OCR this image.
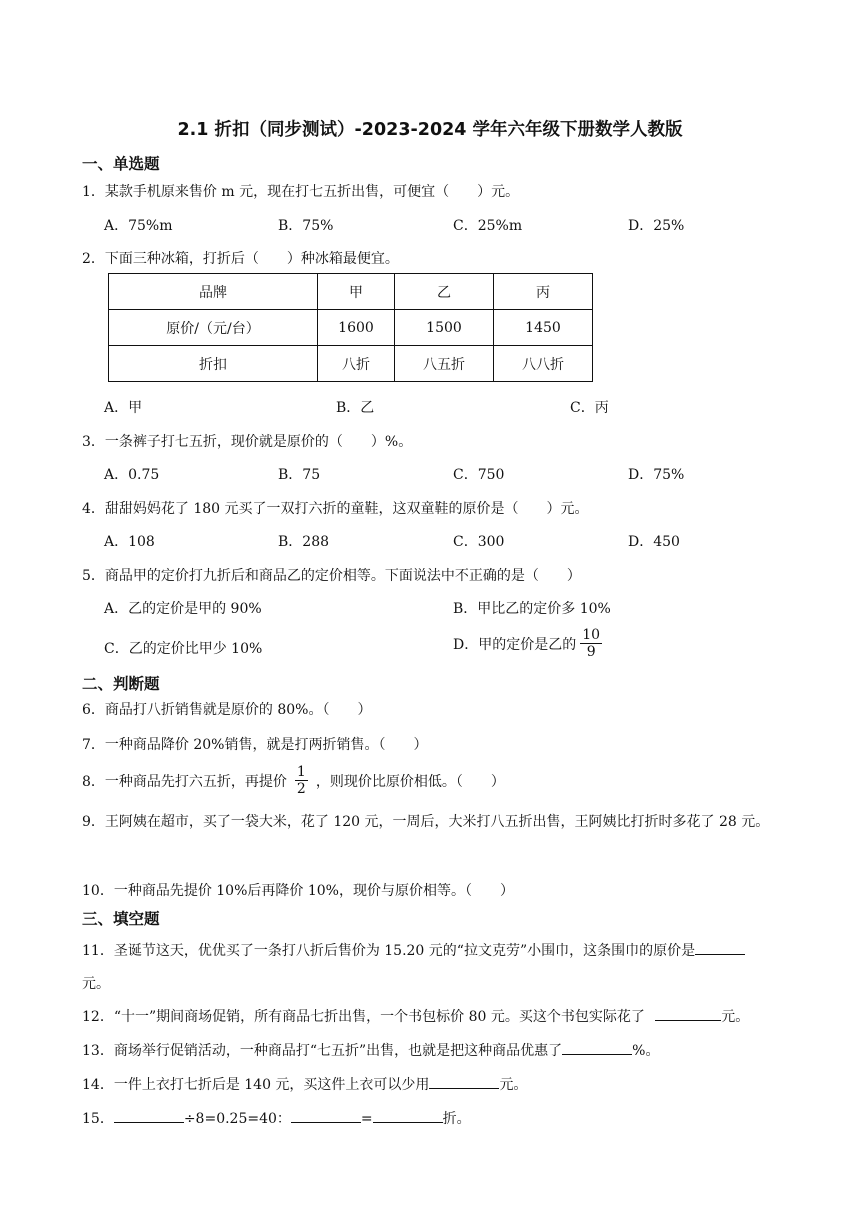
2.1 折扣（同步测试）-2023-2024 学年六年级下册数学人教版
一、单选题
1．某款手机原来售价 m 元，现在打七五折出售，可便宜（　　）元。
A．75%m	B．75%	C．25%m	D．25%
2．下面三种冰箱，打折后（　　）种冰箱最便宜。
品牌	甲	乙	丙
原价/（元/台）	1600	1500	1450
折扣	八折	八五折	八八折
A．甲	B．乙	C．丙
3．一条裤子打七五折，现价就是原价的（　　）%。
A．0.75	B．75	C．750	D．75%
4．甜甜妈妈花了 180 元买了一双打六折的童鞋，这双童鞋的原价是（　　）元。
A．108	B．288	C．300	D．450
5．商品甲的定价打九折后和商品乙的定价相等。下面说法中不正确的是（　　）
A．乙的定价是甲的 90%	B．甲比乙的定价多 10%
C．乙的定价比甲少 10%	D．甲的定价是乙的 $\frac{10}{9}$
二、判断题
6．商品打八折销售就是原价的 80%。（　　）
7．一种商品降价 20%销售，就是打两折销售。（　　）
8．一种商品先打六五折，再提价 $\frac{1}{2}$ ，则现价比原价相低。（　　）
9．王阿姨在超市，买了一袋大米，花了 120 元，一周后，大米打八五折出售，王阿姨比打折时多花了 28 元。
10．一种商品先提价 10%后再降价 10%，现价与原价相等。（　　）
三、填空题
11．圣诞节这天，优优买了一条打八折后售价为 15.20 元的“拉文克劳”小围巾，这条围巾的原价是
元。
12．“十一”期间商场促销，所有商品七折出售，一个书包标价 80 元。买这个书包实际花了	元。
13．商场举行促销活动，一种商品打“七五折”出售，也就是把这种商品优惠了	%。
14．一件上衣打七折后是 140 元，买这件上衣可以少用	元。
15．	÷8=0.25=40：	=	折。
